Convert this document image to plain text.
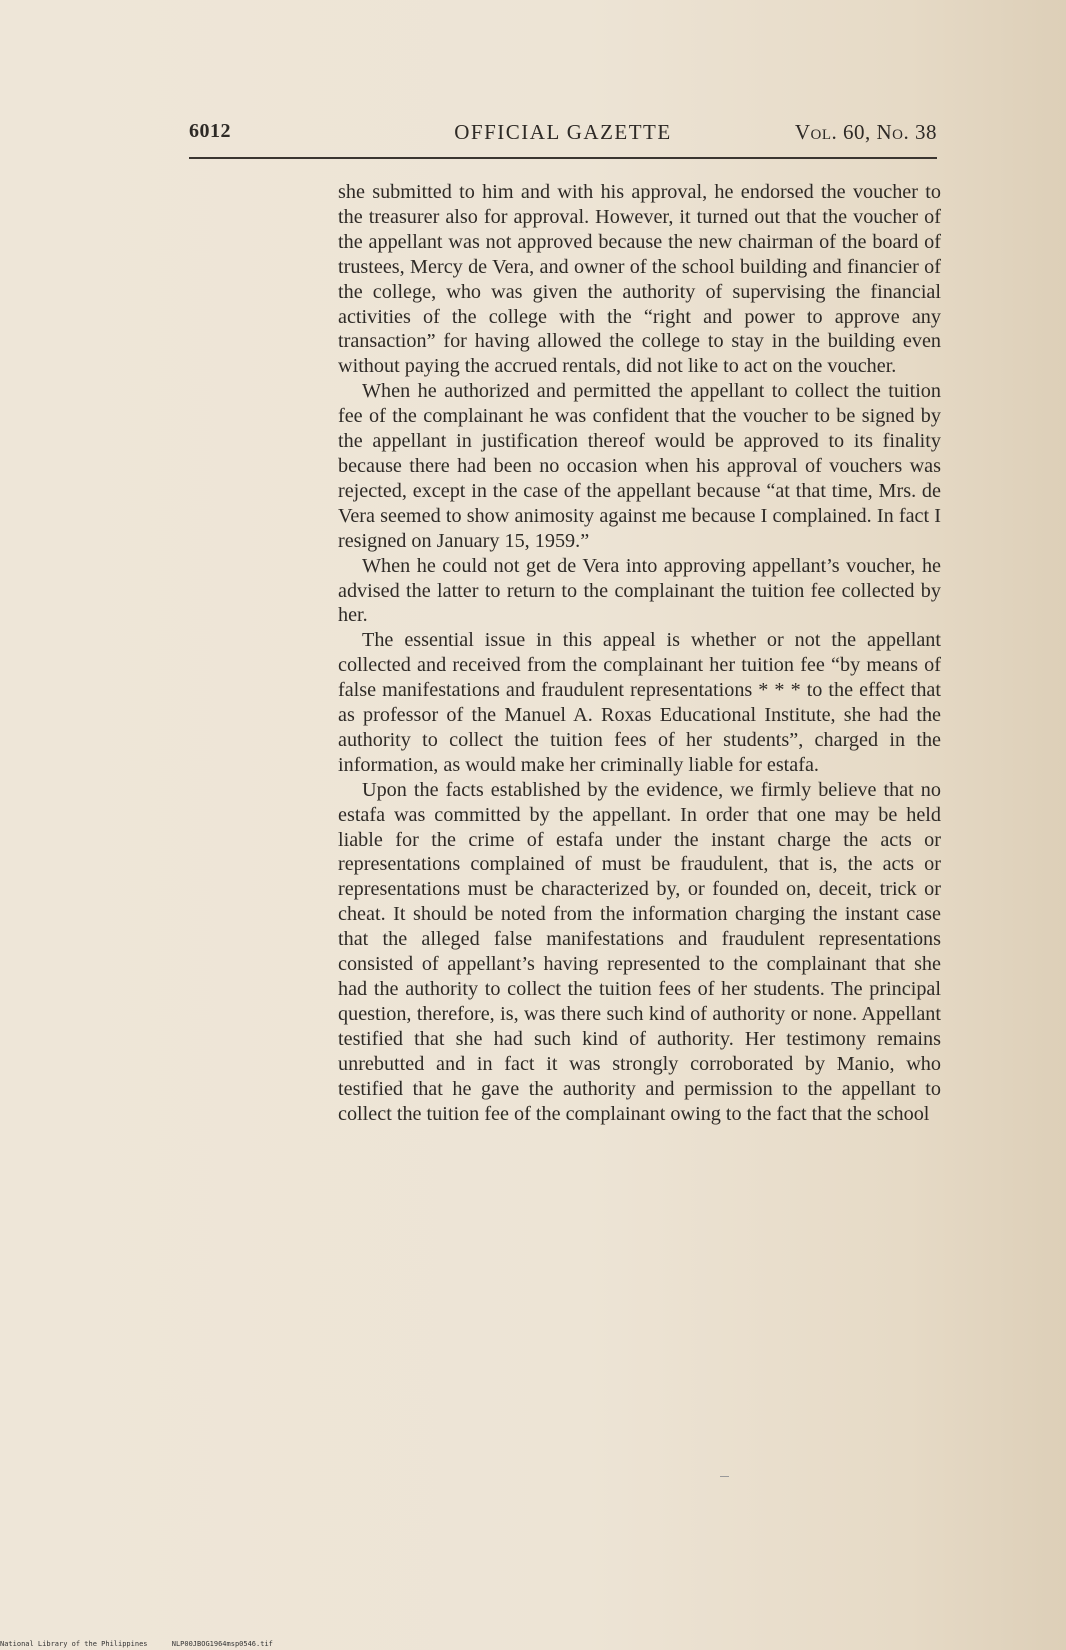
6012	OFFICIAL GAZETTE	Vol. 60, No. 38

she submitted to him and with his approval, he endorsed the voucher to the treasurer also for approval. However, it turned out that the voucher of the appellant was not approved because the new chairman of the board of trustees, Mercy de Vera, and owner of the school building and financier of the college, who was given the authority of supervising the financial activities of the college with the “right and power to approve any transaction” for having allowed the college to stay in the building even without paying the accrued rentals, did not like to act on the voucher.

When he authorized and permitted the appellant to collect the tuition fee of the complainant he was confident that the voucher to be signed by the appellant in justification thereof would be approved to its finality because there had been no occasion when his approval of vouchers was rejected, except in the case of the appellant because “at that time, Mrs. de Vera seemed to show animosity against me because I complained. In fact I resigned on January 15, 1959.”

When he could not get de Vera into approving appellant’s voucher, he advised the latter to return to the complainant the tuition fee collected by her.

The essential issue in this appeal is whether or not the appellant collected and received from the complainant her tuition fee “by means of false manifestations and fraudulent representations * * * to the effect that as professor of the Manuel A. Roxas Educational Institute, she had the authority to collect the tuition fees of her students”, charged in the information, as would make her criminally liable for estafa.

Upon the facts established by the evidence, we firmly believe that no estafa was committed by the appellant. In order that one may be held liable for the crime of estafa under the instant charge the acts or representations complained of must be fraudulent, that is, the acts or representations must be characterized by, or founded on, deceit, trick or cheat. It should be noted from the information charging the instant case that the alleged false manifestations and fraudulent representations consisted of appellant’s having represented to the complainant that she had the authority to collect the tuition fees of her students. The principal question, therefore, is, was there such kind of authority or none. Appellant testified that she had such kind of authority. Her testimony remains unrebutted and in fact it was strongly corroborated by Manio, who testified that he gave the authority and permission to the appellant to collect the tuition fee of the complainant owing to the fact that the school

National Library of the Philippines	NLP00JBOG1964msp0546.tif
